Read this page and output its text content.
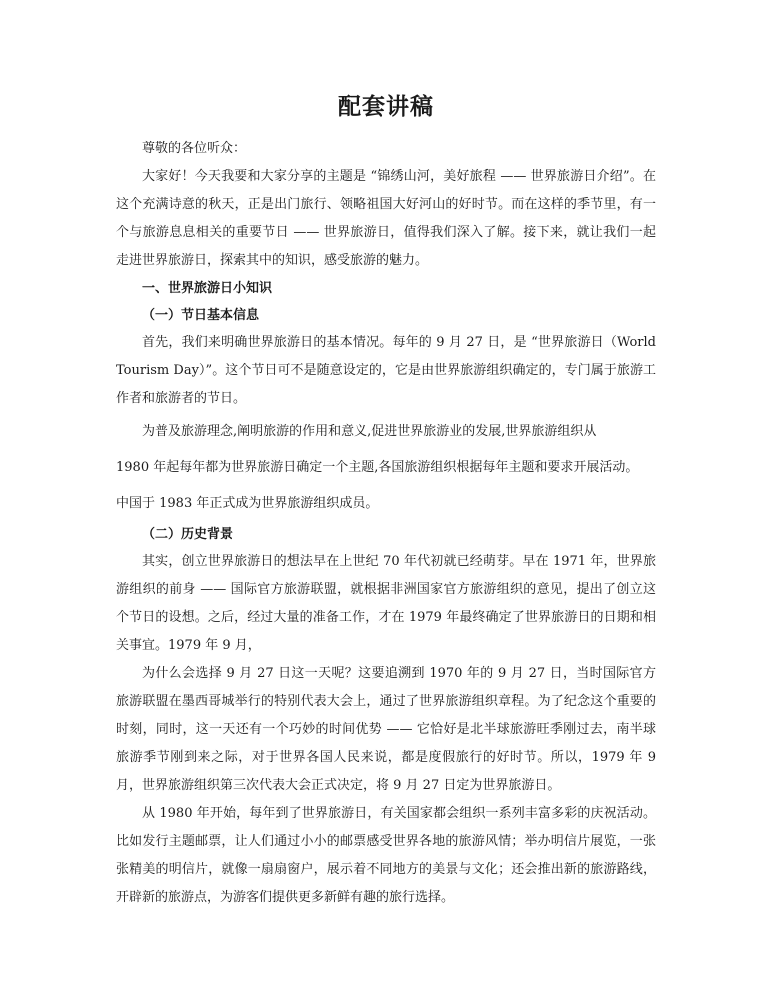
配套讲稿

尊敬的各位听众：

大家好！今天我要和大家分享的主题是 “锦绣山河，美好旅程 —— 世界旅游日介绍”。在这个充满诗意的秋天，正是出门旅行、领略祖国大好河山的好时节。而在这样的季节里，有一个与旅游息息相关的重要节日 —— 世界旅游日，值得我们深入了解。接下来，就让我们一起走进世界旅游日，探索其中的知识，感受旅游的魅力。

一、世界旅游日小知识

（一）节日基本信息

首先，我们来明确世界旅游日的基本情况。每年的 9 月 27 日，是 “世界旅游日（World Tourism Day）”。这个节日可不是随意设定的，它是由世界旅游组织确定的，专门属于旅游工作者和旅游者的节日。

为普及旅游理念,阐明旅游的作用和意义,促进世界旅游业的发展,世界旅游组织从

1980 年起每年都为世界旅游日确定一个主题,各国旅游组织根据每年主题和要求开展活动。

中国于 1983 年正式成为世界旅游组织成员。

（二）历史背景

其实，创立世界旅游日的想法早在上世纪 70 年代初就已经萌芽。早在 1971 年，世界旅游组织的前身 —— 国际官方旅游联盟，就根据非洲国家官方旅游组织的意见，提出了创立这个节日的设想。之后，经过大量的准备工作，才在 1979 年最终确定了世界旅游日的日期和相关事宜。1979 年 9 月，

为什么会选择 9 月 27 日这一天呢？这要追溯到 1970 年的 9 月 27 日，当时国际官方旅游联盟在墨西哥城举行的特别代表大会上，通过了世界旅游组织章程。为了纪念这个重要的时刻，同时，这一天还有一个巧妙的时间优势 —— 它恰好是北半球旅游旺季刚过去，南半球旅游季节刚到来之际，对于世界各国人民来说，都是度假旅行的好时节。所以，1979 年 9 月，世界旅游组织第三次代表大会正式决定，将 9 月 27 日定为世界旅游日。

从 1980 年开始，每年到了世界旅游日，有关国家都会组织一系列丰富多彩的庆祝活动。比如发行主题邮票，让人们通过小小的邮票感受世界各地的旅游风情；举办明信片展览，一张张精美的明信片，就像一扇扇窗户，展示着不同地方的美景与文化；还会推出新的旅游路线，开辟新的旅游点，为游客们提供更多新鲜有趣的旅行选择。
